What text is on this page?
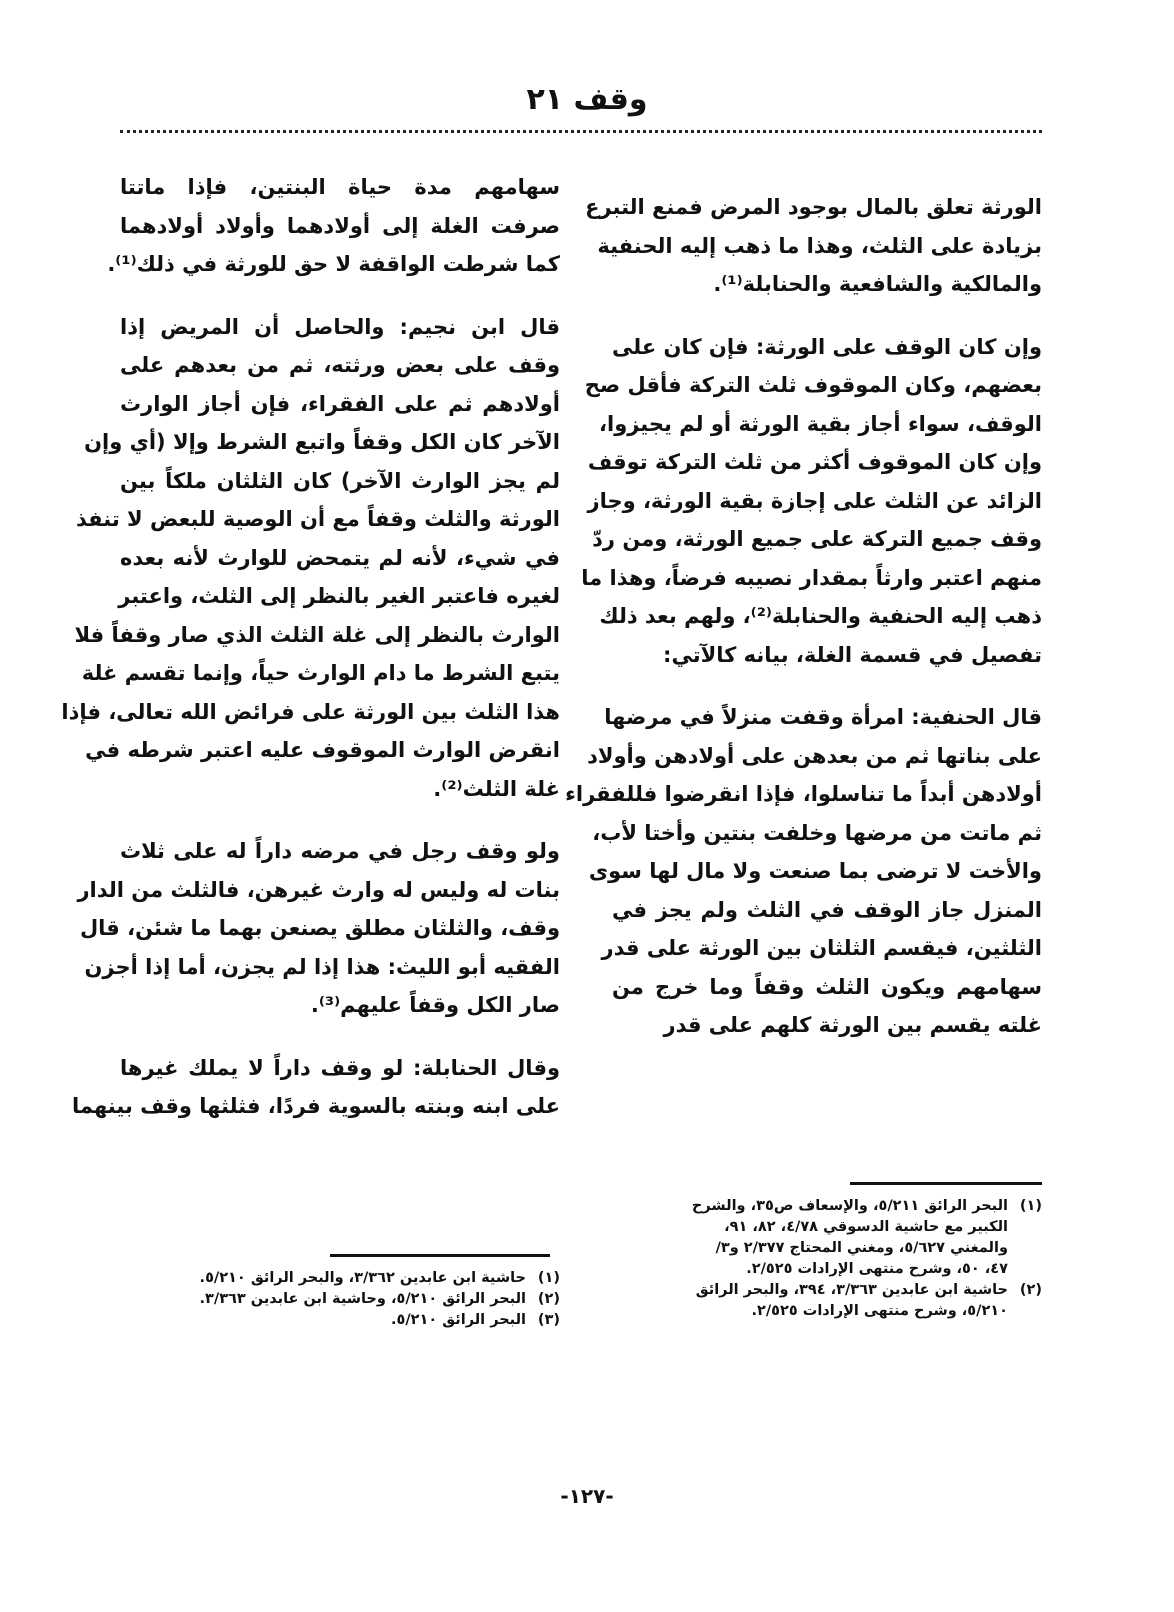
وقف ٢١
الورثة تعلق بالمال بوجود المرض فمنع التبرع
بزيادة على الثلث، وهذا ما ذهب إليه الحنفية
والمالكية والشافعية والحنابلة⁽¹⁾.
وإن كان الوقف على الورثة: فإن كان على
بعضهم، وكان الموقوف ثلث التركة فأقل صح
الوقف، سواء أجاز بقية الورثة أو لم يجيزوا،
وإن كان الموقوف أكثر من ثلث التركة توقف
الزائد عن الثلث على إجازة بقية الورثة، وجاز
وقف جميع التركة على جميع الورثة، ومن ردّ
منهم اعتبر وارثاً بمقدار نصيبه فرضاً، وهذا ما
ذهب إليه الحنفية والحنابلة⁽²⁾، ولهم بعد ذلك
تفصيل في قسمة الغلة، بيانه كالآتي:
قال الحنفية: امرأة وقفت منزلاً في مرضها
على بناتها ثم من بعدهن على أولادهن وأولاد
أولادهن أبداً ما تناسلوا، فإذا انقرضوا فللفقراء
ثم ماتت من مرضها وخلفت بنتين وأختا لأب،
والأخت لا ترضى بما صنعت ولا مال لها سوى
المنزل جاز الوقف في الثلث ولم يجز في
الثلثين، فيقسم الثلثان بين الورثة على قدر
سهامهم ويكون الثلث وقفاً وما خرج من
غلته يقسم بين الورثة كلهم على قدر
(١)البحر الرائق ٥/٢١١، والإسعاف ص٣٥، والشرح
الكبير مع حاشية الدسوقي ٤/٧٨، ٨٢، ٩١،
والمغني ٥/٦٢٧، ومغني المحتاج ٢/٣٧٧ و٣/
٤٧، ٥٠، وشرح منتهى الإرادات ٢/٥٢٥.
(٢)حاشية ابن عابدين ٣/٣٦٣، ٣٩٤، والبحر الرائق
٥/٢١٠، وشرح منتهى الإرادات ٢/٥٢٥.
سهامهم مدة حياة البنتين، فإذا ماتتا
صرفت الغلة إلى أولادهما وأولاد أولادهما
كما شرطت الواقفة لا حق للورثة في ذلك⁽¹⁾.
قال ابن نجيم: والحاصل أن المريض إذا
وقف على بعض ورثته، ثم من بعدهم على
أولادهم ثم على الفقراء، فإن أجاز الوارث
الآخر كان الكل وقفاً واتبع الشرط وإلا (أي وإن
لم يجز الوارث الآخر) كان الثلثان ملكاً بين
الورثة والثلث وقفاً مع أن الوصية للبعض لا تنفذ
في شيء، لأنه لم يتمحض للوارث لأنه بعده
لغيره فاعتبر الغير بالنظر إلى الثلث، واعتبر
الوارث بالنظر إلى غلة الثلث الذي صار وقفاً فلا
يتبع الشرط ما دام الوارث حياً، وإنما تقسم غلة
هذا الثلث بين الورثة على فرائض الله تعالى، فإذا
انقرض الوارث الموقوف عليه اعتبر شرطه في
غلة الثلث⁽²⁾.
ولو وقف رجل في مرضه داراً له على ثلاث
بنات له وليس له وارث غيرهن، فالثلث من الدار
وقف، والثلثان مطلق يصنعن بهما ما شئن، قال
الفقيه أبو الليث: هذا إذا لم يجزن، أما إذا أجزن
صار الكل وقفاً عليهم⁽³⁾.
وقال الحنابلة: لو وقف داراً لا يملك غيرها
على ابنه وبنته بالسوية فردًا، فثلثها وقف بينهما
(١)حاشية ابن عابدين ٣/٣٦٢، والبحر الرائق ٥/٢١٠.
(٢)البحر الرائق ٥/٢١٠، وحاشية ابن عابدين ٣/٣٦٣.
(٣)البحر الرائق ٥/٢١٠.
-١٢٧-
